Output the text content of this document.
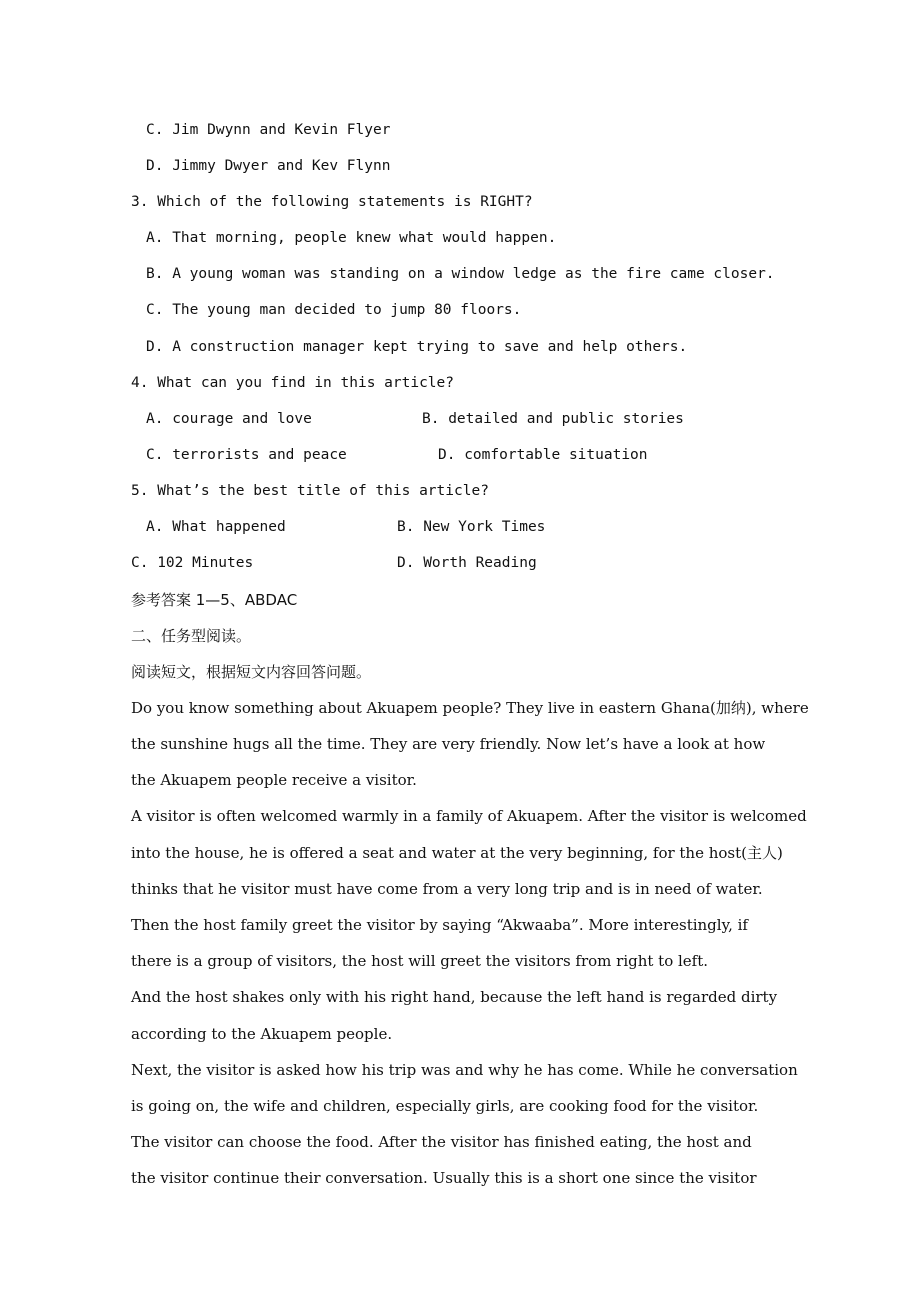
C. Jim Dwynn and Kevin Flyer
D. Jimmy Dwyer and Kev Flynn
3. Which of the following statements is RIGHT?
A. That morning, people knew what would happen.
B. A young woman was standing on a window ledge as the fire came closer.
C. The young man decided to jump 80 floors.
D. A construction manager kept trying to save and help others.
4. What can you find in this article?
A. courage and love	B. detailed and public stories
C. terrorists and peace	D. comfortable situation
5. What’s the best title of this article?
A. What happened	B. New York Times
C. 102 Minutes	D. Worth Reading
参考答案 1—5、ABDAC
二、任务型阅读。
阅读短文，根据短文内容回答问题。
Do you know something about Akuapem people? They live in eastern Ghana(加纳), where
the sunshine hugs all the time. They are very friendly. Now let’s have a look at how
the Akuapem people receive a visitor.
A visitor is often welcomed warmly in a family of Akuapem. After the visitor is welcomed
into the house, he is offered a seat and water at the very beginning, for the host(主人)
thinks that he visitor must have come from a very long trip and is in need of water.
Then the host family greet the visitor by saying “Akwaaba”. More interestingly, if
there is a group of visitors, the host will greet the visitors from right to left.
And the host shakes only with his right hand, because the left hand is regarded dirty
according to the Akuapem people.
Next, the visitor is asked how his trip was and why he has come. While he conversation
is going on, the wife and children, especially girls, are cooking food for the visitor.
The visitor can choose the food. After the visitor has finished eating, the host and
the visitor continue their conversation. Usually this is a short one since the visitor
